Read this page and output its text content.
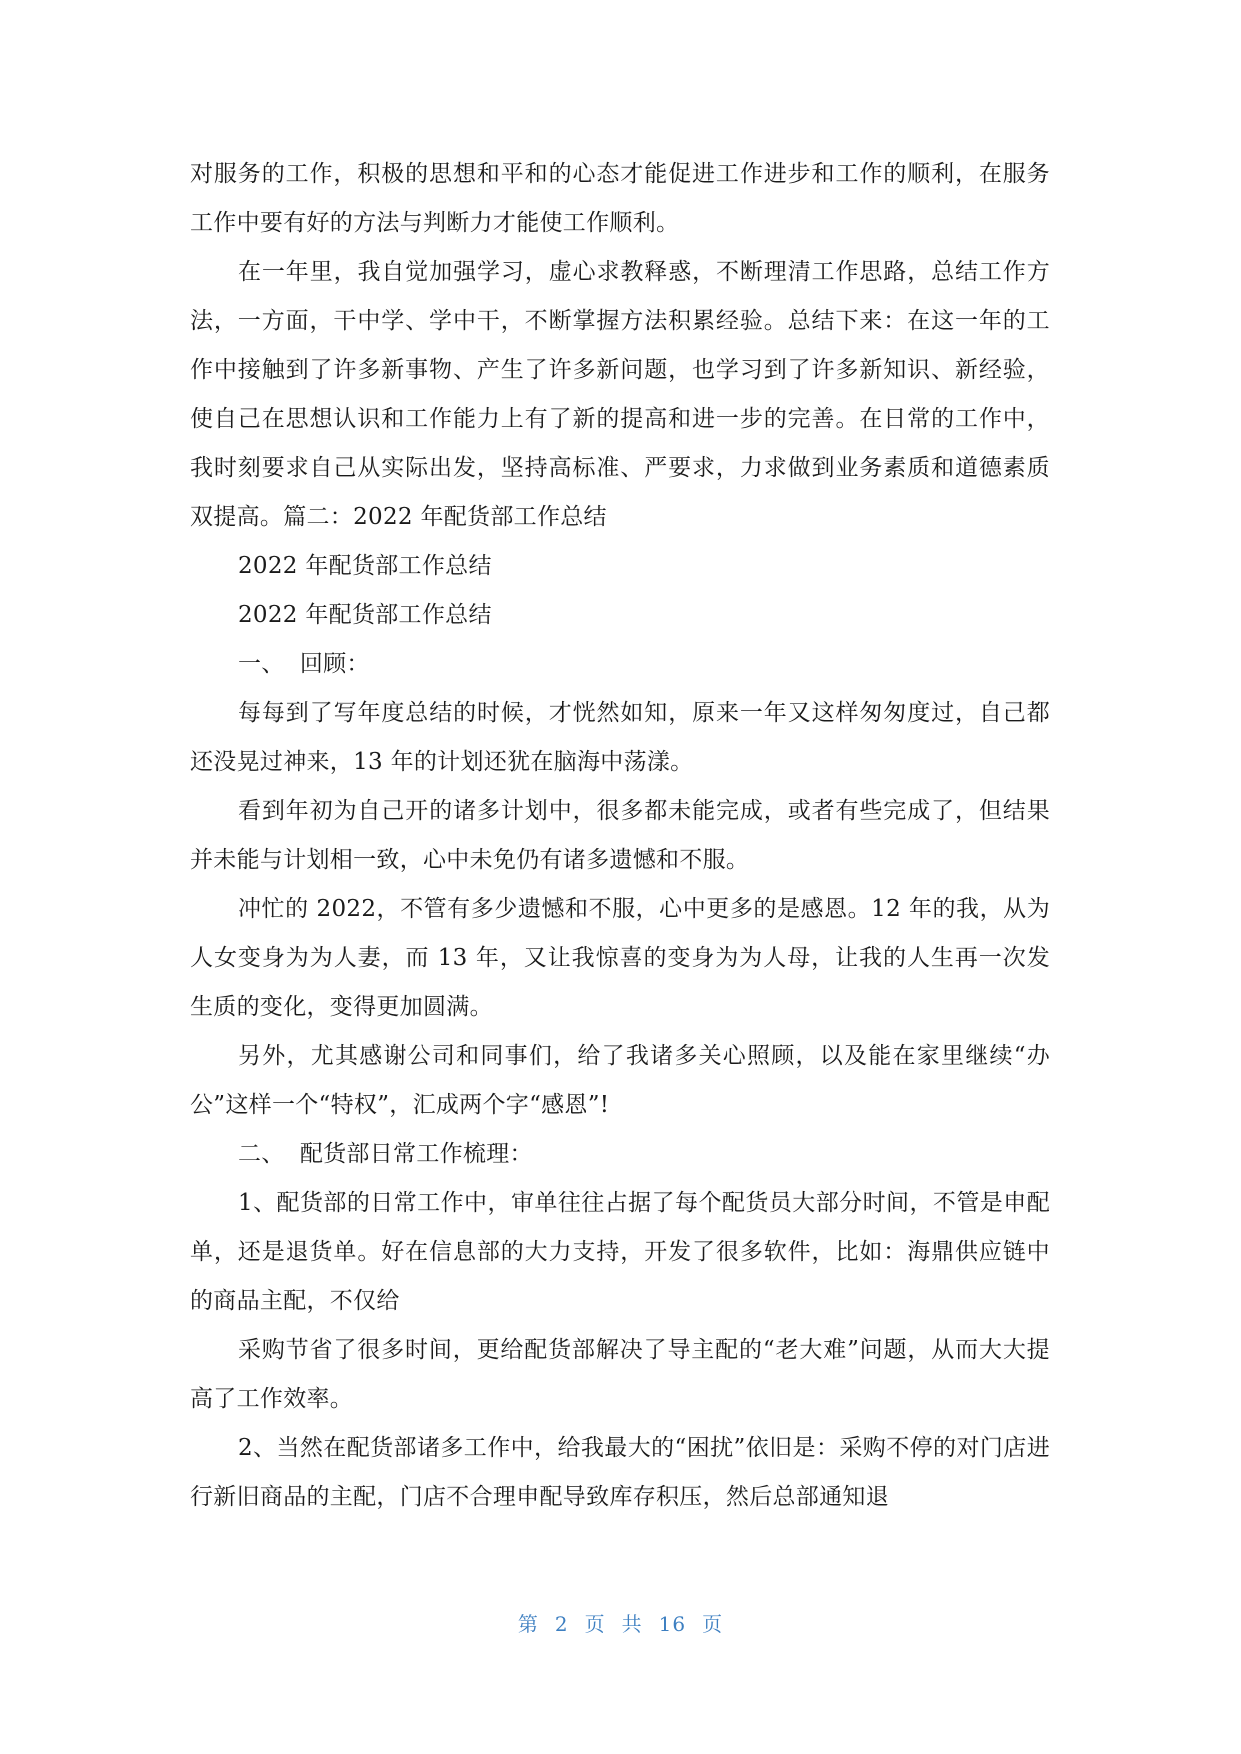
对服务的工作，积极的思想和平和的心态才能促进工作进步和工作的顺利，在服务工作中要有好的方法与判断力才能使工作顺利。

在一年里，我自觉加强学习，虚心求教释惑，不断理清工作思路，总结工作方法，一方面，干中学、学中干，不断掌握方法积累经验。总结下来：在这一年的工作中接触到了许多新事物、产生了许多新问题，也学习到了许多新知识、新经验，使自己在思想认识和工作能力上有了新的提高和进一步的完善。在日常的工作中，我时刻要求自己从实际出发，坚持高标准、严要求，力求做到业务素质和道德素质双提高。篇二：2022 年配货部工作总结

2022 年配货部工作总结

2022 年配货部工作总结

一、  回顾：

每每到了写年度总结的时候，才恍然如知，原来一年又这样匆匆度过，自己都还没晃过神来，13 年的计划还犹在脑海中荡漾。

看到年初为自己开的诸多计划中，很多都未能完成，或者有些完成了，但结果并未能与计划相一致，心中未免仍有诸多遗憾和不服。

冲忙的 2022，不管有多少遗憾和不服，心中更多的是感恩。12 年的我，从为人女变身为为人妻，而 13 年，又让我惊喜的变身为为人母，让我的人生再一次发生质的变化，变得更加圆满。

另外，尤其感谢公司和同事们，给了我诸多关心照顾，以及能在家里继续“办公”这样一个“特权”，汇成两个字“感恩”!

二、  配货部日常工作梳理：

1、配货部的日常工作中，审单往往占据了每个配货员大部分时间，不管是申配单，还是退货单。好在信息部的大力支持，开发了很多软件，比如：海鼎供应链中的商品主配，不仅给

采购节省了很多时间，更给配货部解决了导主配的“老大难”问题，从而大大提高了工作效率。

2、当然在配货部诸多工作中，给我最大的“困扰”依旧是：采购不停的对门店进行新旧商品的主配，门店不合理申配导致库存积压，然后总部通知退

第 2 页 共 16 页
